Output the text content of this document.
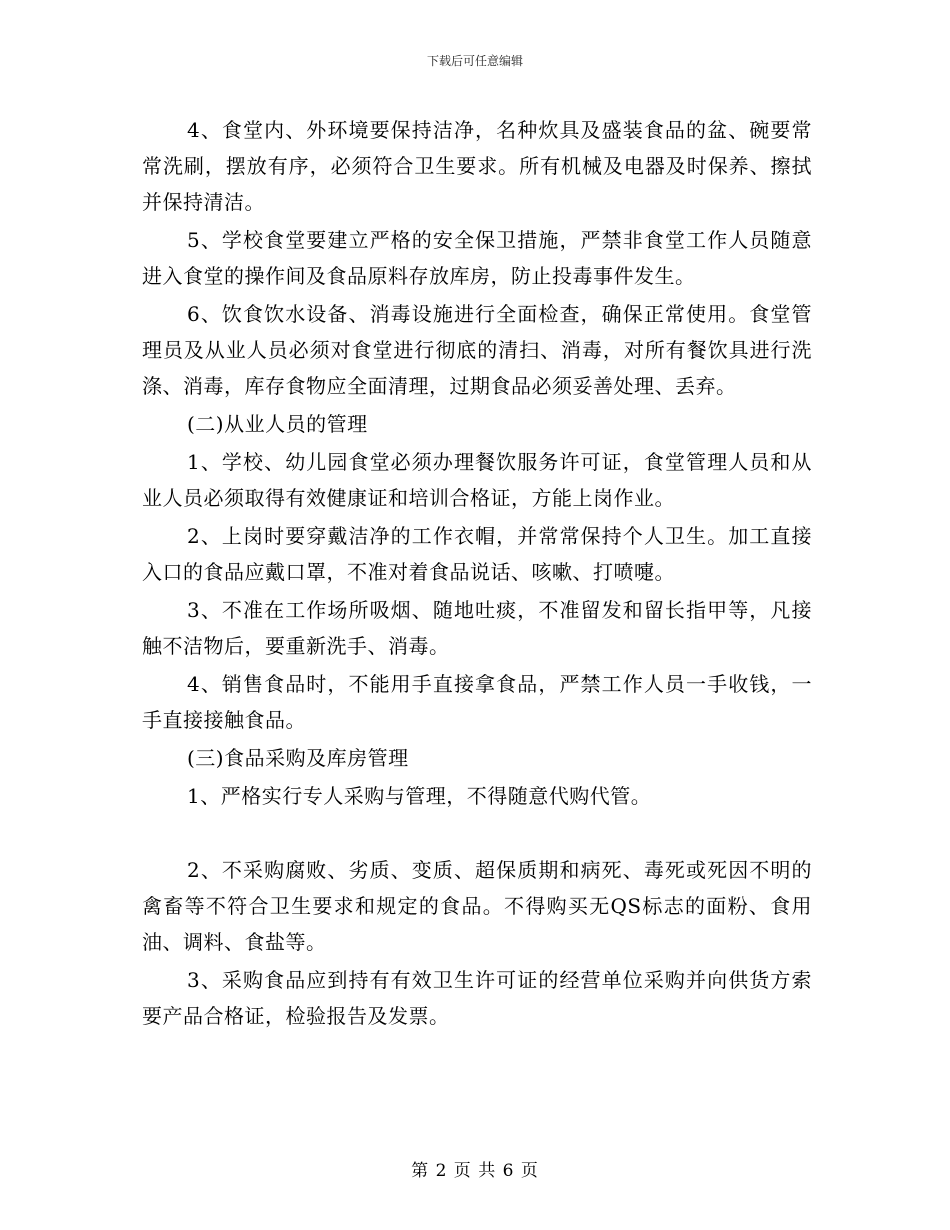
下载后可任意编辑

4、食堂内、外环境要保持洁净，名种炊具及盛装食品的盆、碗要常常洗刷，摆放有序，必须符合卫生要求。所有机械及电器及时保养、擦拭并保持清洁。

5、学校食堂要建立严格的安全保卫措施，严禁非食堂工作人员随意进入食堂的操作间及食品原料存放库房，防止投毒事件发生。

6、饮食饮水设备、消毒设施进行全面检查，确保正常使用。食堂管理员及从业人员必须对食堂进行彻底的清扫、消毒，对所有餐饮具进行洗涤、消毒，库存食物应全面清理，过期食品必须妥善处理、丢弃。

(二)从业人员的管理

1、学校、幼儿园食堂必须办理餐饮服务许可证，食堂管理人员和从业人员必须取得有效健康证和培训合格证，方能上岗作业。

2、上岗时要穿戴洁净的工作衣帽，并常常保持个人卫生。加工直接入口的食品应戴口罩，不准对着食品说话、咳嗽、打喷嚏。

3、不准在工作场所吸烟、随地吐痰，不准留发和留长指甲等，凡接触不洁物后，要重新洗手、消毒。

4、销售食品时，不能用手直接拿食品，严禁工作人员一手收钱，一手直接接触食品。

(三)食品采购及库房管理

1、严格实行专人采购与管理，不得随意代购代管。

2、不采购腐败、劣质、变质、超保质期和病死、毒死或死因不明的禽畜等不符合卫生要求和规定的食品。不得购买无QS标志的面粉、食用油、调料、食盐等。

3、采购食品应到持有有效卫生许可证的经营单位采购并向供货方索要产品合格证，检验报告及发票。

第 2 页 共 6 页
